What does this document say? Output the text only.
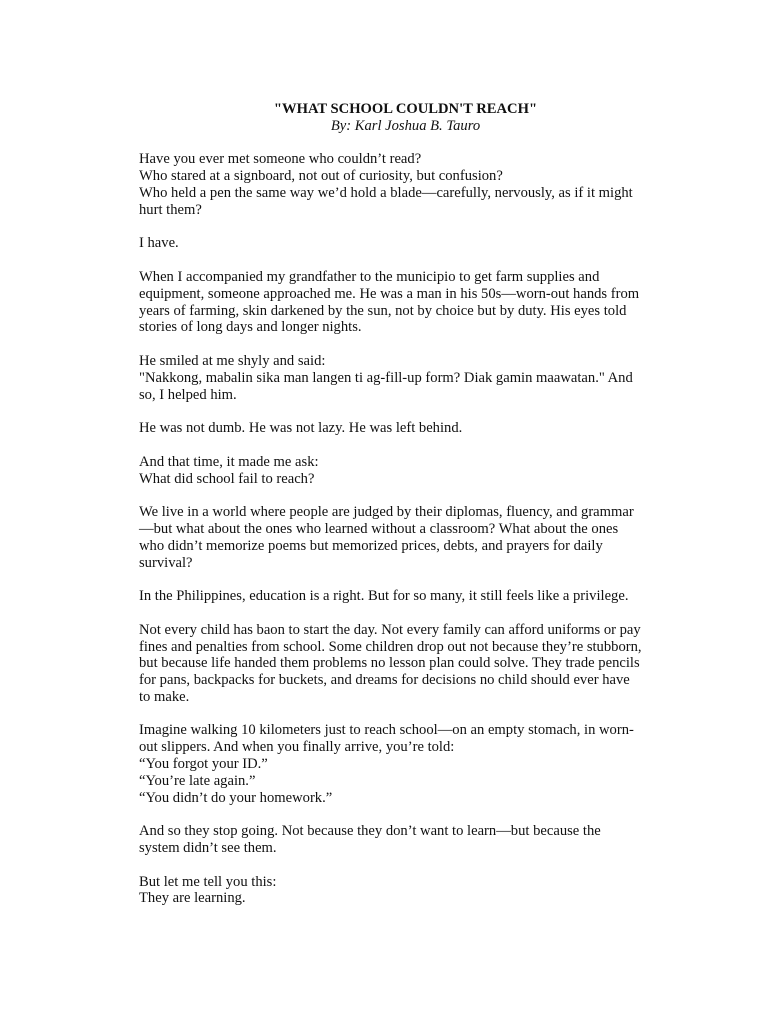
"WHAT SCHOOL COULDN'T REACH"

By: Karl Joshua B. Tauro

Have you ever met someone who couldn’t read?
Who stared at a signboard, not out of curiosity, but confusion?
Who held a pen the same way we’d hold a blade—carefully, nervously, as if it might
hurt them?
I have.
When I accompanied my grandfather to the municipio to get farm supplies and
equipment, someone approached me. He was a man in his 50s—worn-out hands from
years of farming, skin darkened by the sun, not by choice but by duty. His eyes told
stories of long days and longer nights.
He smiled at me shyly and said:
"Nakkong, mabalin sika man langen ti ag-fill-up form? Diak gamin maawatan." And
so, I helped him.
He was not dumb. He was not lazy. He was left behind.
And that time, it made me ask:
What did school fail to reach?
We live in a world where people are judged by their diplomas, fluency, and grammar
—but what about the ones who learned without a classroom? What about the ones
who didn’t memorize poems but memorized prices, debts, and prayers for daily
survival?
In the Philippines, education is a right. But for so many, it still feels like a privilege.
Not every child has baon to start the day. Not every family can afford uniforms or pay
fines and penalties from school. Some children drop out not because they’re stubborn,
but because life handed them problems no lesson plan could solve. They trade pencils
for pans, backpacks for buckets, and dreams for decisions no child should ever have
to make.
Imagine walking 10 kilometers just to reach school—on an empty stomach, in worn-
out slippers. And when you finally arrive, you’re told:
“You forgot your ID.”
“You’re late again.”
“You didn’t do your homework.”
And so they stop going. Not because they don’t want to learn—but because the
system didn’t see them.
But let me tell you this:
They are learning.
